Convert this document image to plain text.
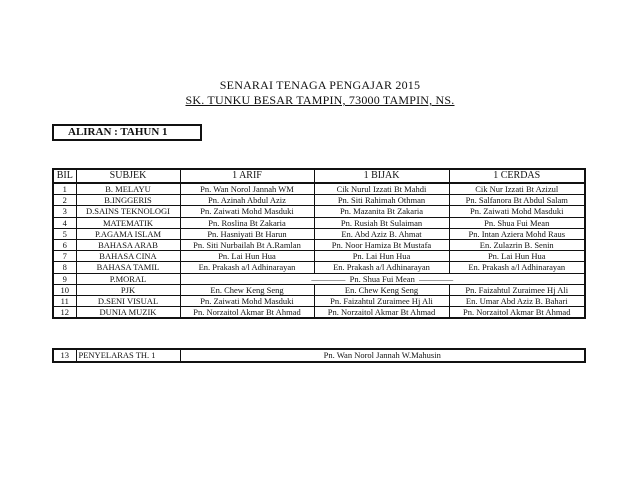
SENARAI TENAGA PENGAJAR 2015
SK. TUNKU BESAR TAMPIN, 73000 TAMPIN, NS.
ALIRAN : TAHUN 1
BIL	SUBJEK	1 ARIF	1 BIJAK	1 CERDAS
1	B. MELAYU	Pn. Wan Norol Jannah WM	Cik Nurul Izzati Bt Mahdi	Cik Nur Izzati Bt Azizul
2	B.INGGERIS	Pn. Azinah Abdul Aziz	Pn. Siti Rahimah Othman	Pn. Salfanora Bt Abdul Salam
3	D.SAINS TEKNOLOGI	Pn. Zaiwati Mohd Masduki	Pn. Mazanita Bt Zakaria	Pn. Zaiwati Mohd Masduki
4	MATEMATIK	Pn. Roslina Bt Zakaria	Pn. Rusiah Bt Sulaiman	Pn. Shua Fui Mean
5	P.AGAMA ISLAM	Pn. Hasniyati Bt Harun	En. Abd Aziz B. Ahmat	Pn. Intan Aziera Mohd Raus
6	BAHASA ARAB	Pn. Siti Nurbailah Bt A.Ramlan	Pn. Noor Hamiza Bt Mustafa	En. Zulazrin B. Senin
7	BAHASA CINA	Pn. Lai Hun Hua	Pn. Lai Hun Hua	Pn. Lai Hun Hua
8	BAHASA TAMIL	En. Prakash a/l Adhinarayan	En. Prakash a/l Adhinarayan	En. Prakash a/l Adhinarayan
9	P.MORAL	————  Pn. Shua Fui Mean  ————		
10	PJK	En. Chew Keng Seng	En. Chew Keng Seng	Pn. Faizahtul Zuraimee Hj Ali
11	D.SENI VISUAL	Pn. Zaiwati Mohd Masduki	Pn. Faizahtul Zuraimee Hj Ali	En. Umar Abd Aziz B. Bahari
12	DUNIA MUZIK	Pn. Norzaitol Akmar Bt Ahmad	Pn. Norzaitol Akmar Bt Ahmad	Pn. Norzaitol Akmar Bt Ahmad
13	PENYELARAS TH. 1	Pn. Wan Norol Jannah W.Mahusin
